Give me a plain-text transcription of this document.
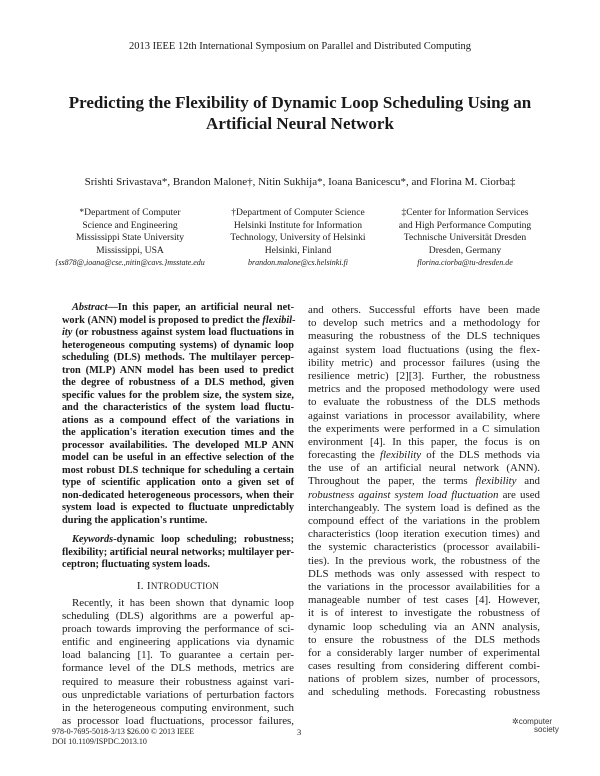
2013 IEEE 12th International Symposium on Parallel and Distributed Computing
Predicting the Flexibility of Dynamic Loop Scheduling Using an
Artificial Neural Network
Srishti Srivastava*, Brandon Malone†, Nitin Sukhija*, Ioana Banicescu*, and Florina M. Ciorba‡
*Department of Computer
Science and Engineering
Mississippi State University
Mississippi, USA
{ss878@,ioana@cse.,nitin@cavs.}msstate.edu
†Department of Computer Science
Helsinki Institute for Information
Technology, University of Helsinki
Helsinki, Finland
brandon.malone@cs.helsinki.fi
‡Center for Information Services
and High Performance Computing
Technische Universität Dresden
Dresden, Germany
florina.ciorba@tu-dresden.de
Abstract—In this paper, an artificial neural net-
work (ANN) model is proposed to predict the flexibil-
ity (or robustness against system load fluctuations in
heterogeneous computing systems) of dynamic loop
scheduling (DLS) methods. The multilayer percep-
tron (MLP) ANN model has been used to predict
the degree of robustness of a DLS method, given
specific values for the problem size, the system size,
and the characteristics of the system load fluctu-
ations as a compound effect of the variations in
the application's iteration execution times and the
processor availabilities. The developed MLP ANN
model can be useful in an effective selection of the
most robust DLS technique for scheduling a certain
type of scientific application onto a given set of
non-dedicated heterogeneous processors, when their
system load is expected to fluctuate unpredictably
during the application's runtime.
Keywords-dynamic loop scheduling; robustness;
flexibility; artificial neural networks; multilayer per-
ceptron; fluctuating system loads.
I. INTRODUCTION
Recently, it has been shown that dynamic loop
scheduling (DLS) algorithms are a powerful ap-
proach towards improving the performance of sci-
entific and engineering applications via dynamic
load balancing [1]. To guarantee a certain per-
formance level of the DLS methods, metrics are
required to measure their robustness against vari-
ous unpredictable variations of perturbation factors
in the heterogeneous computing environment, such
as processor load fluctuations, processor failures,
and others. Successful efforts have been made
to develop such metrics and a methodology for
measuring the robustness of the DLS techniques
against system load fluctuations (using the flex-
ibility metric) and processor failures (using the
resilience metric) [2][3]. Further, the robustness
metrics and the proposed methodology were used
to evaluate the robustness of the DLS methods
against variations in processor availability, where
the experiments were performed in a C simulation
environment [4]. In this paper, the focus is on
forecasting the flexibility of the DLS methods via
the use of an artificial neural network (ANN).
Throughout the paper, the terms flexibility and
robustness against system load fluctuation are used
interchangeably. The system load is defined as the
compound effect of the variations in the problem
characteristics (loop iteration execution times) and
the systemic characteristics (processor availabili-
ties). In the previous work, the robustness of the
DLS methods was only assessed with respect to
the variations in the processor availabilities for a
manageable number of test cases [4]. However,
it is of interest to investigate the robustness of
dynamic loop scheduling via an ANN analysis,
to ensure the robustness of the DLS methods
for a considerably larger number of experimental
cases resulting from considering different combi-
nations of problem sizes, number of processors,
and scheduling methods. Forecasting robustness
978-0-7695-5018-3/13 $26.00 © 2013 IEEE
DOI 10.1109/ISPDC.2013.10
3
✲computer
society
